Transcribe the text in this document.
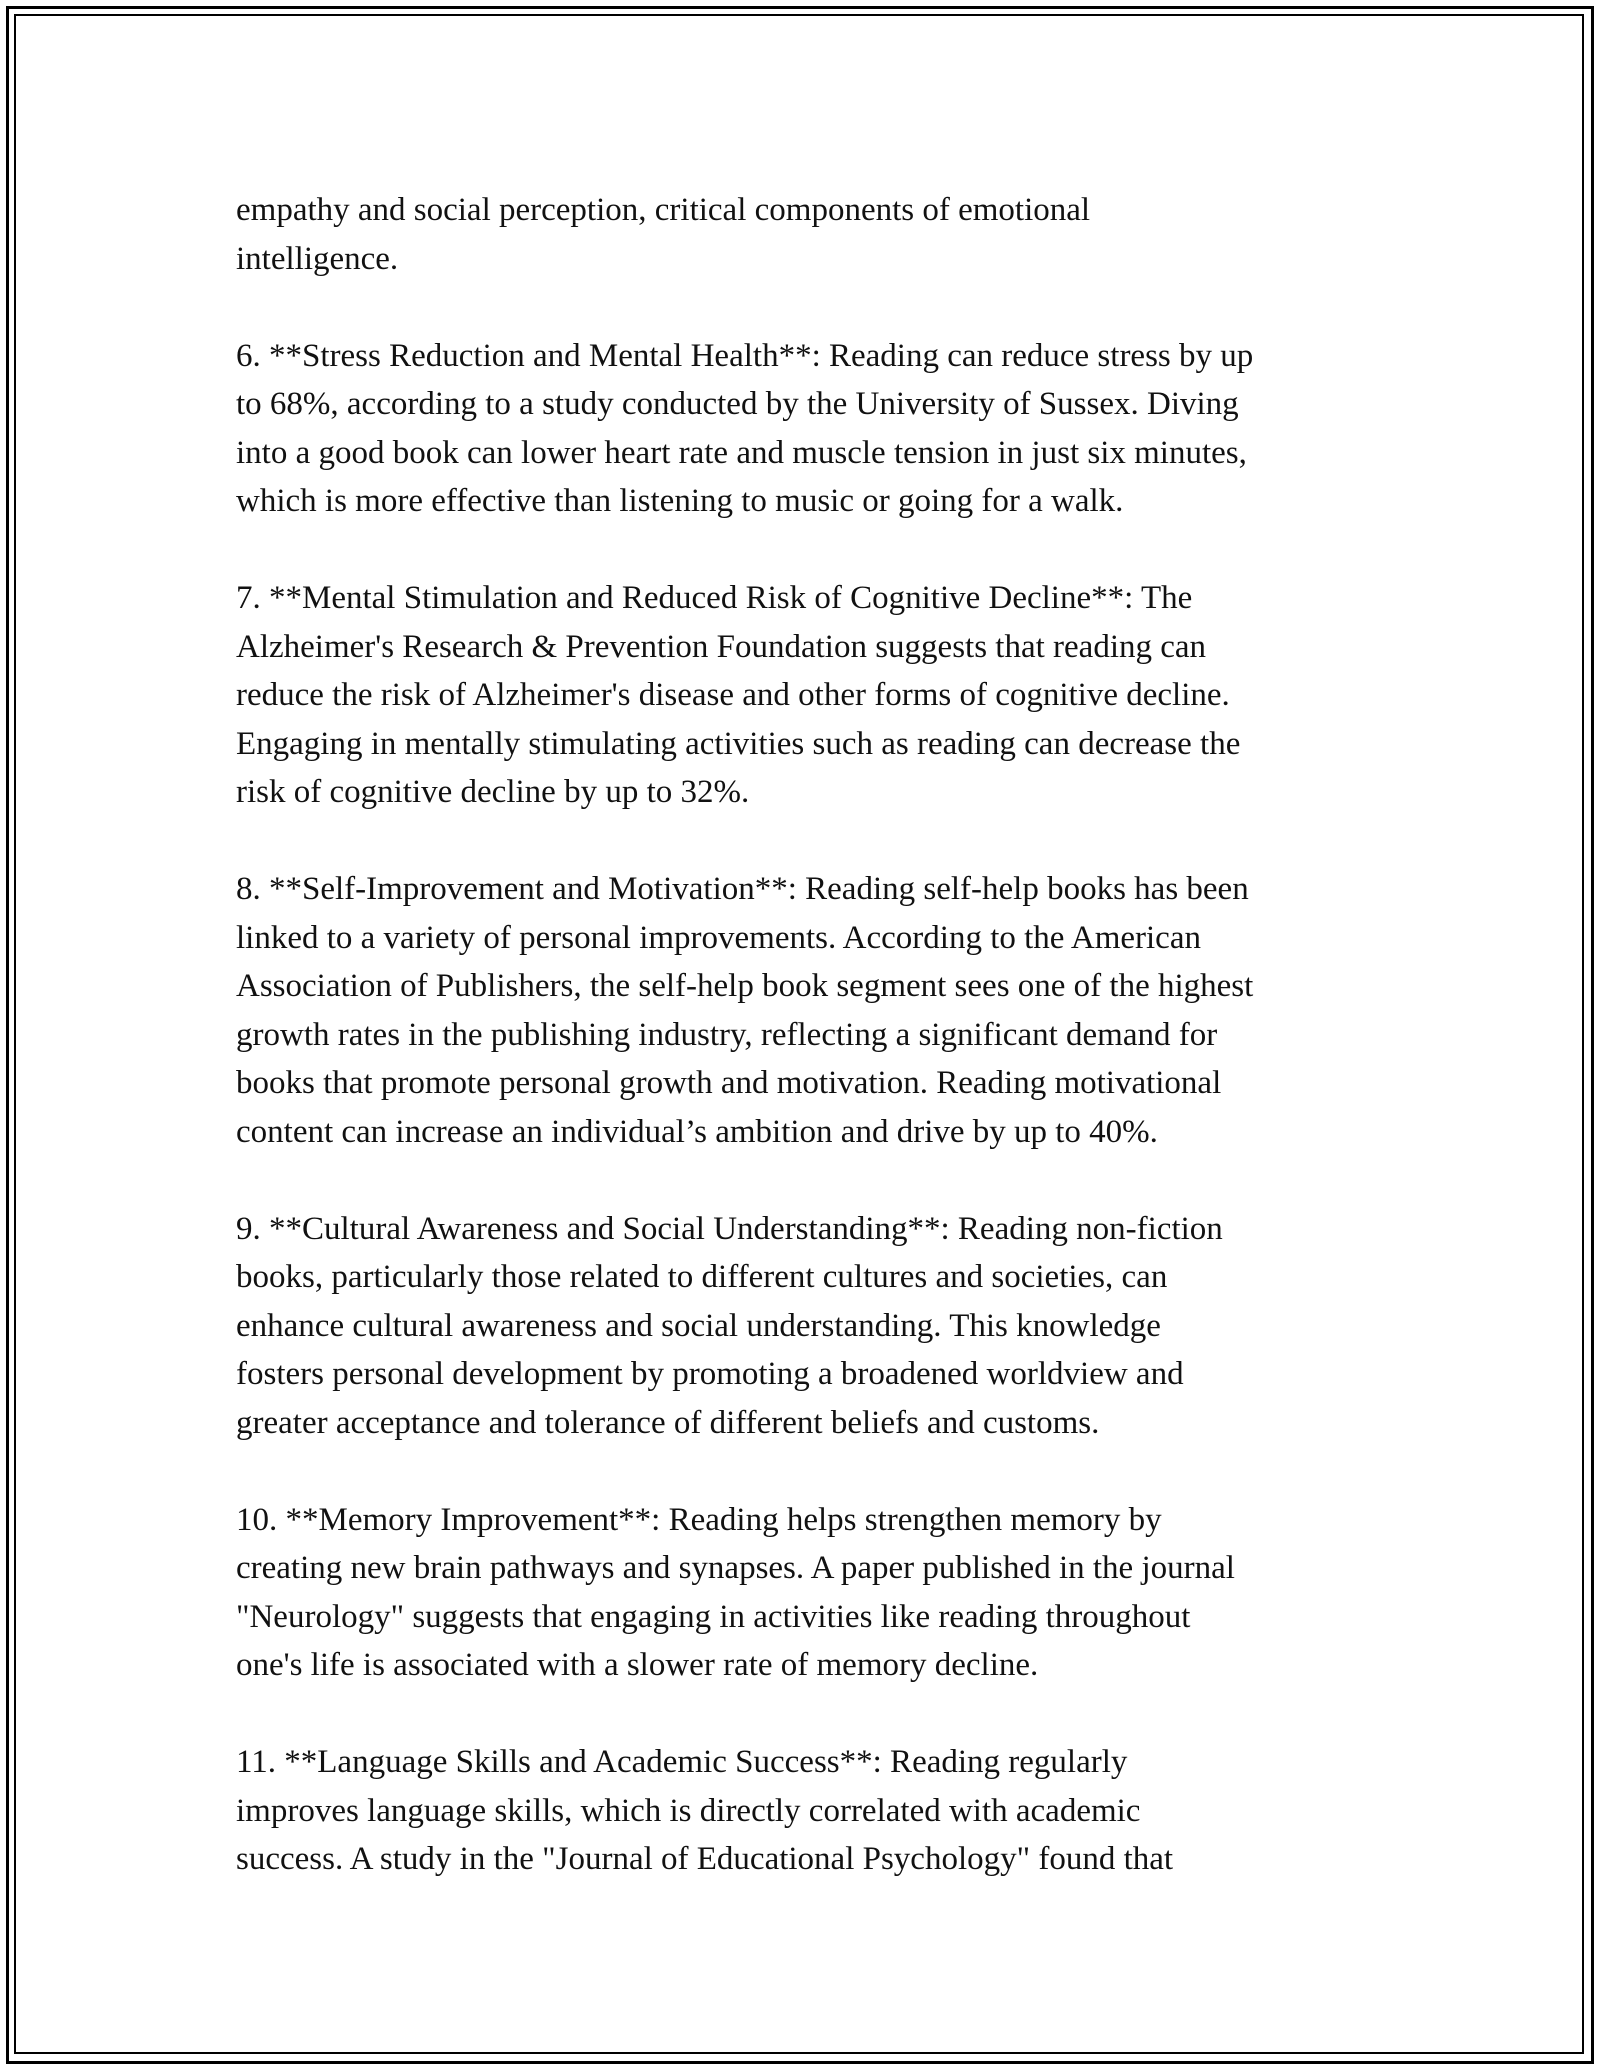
empathy and social perception, critical components of emotional
intelligence.

6. **Stress Reduction and Mental Health**: Reading can reduce stress by up
to 68%, according to a study conducted by the University of Sussex. Diving
into a good book can lower heart rate and muscle tension in just six minutes,
which is more effective than listening to music or going for a walk.

7. **Mental Stimulation and Reduced Risk of Cognitive Decline**: The
Alzheimer's Research & Prevention Foundation suggests that reading can
reduce the risk of Alzheimer's disease and other forms of cognitive decline.
Engaging in mentally stimulating activities such as reading can decrease the
risk of cognitive decline by up to 32%.

8. **Self-Improvement and Motivation**: Reading self-help books has been
linked to a variety of personal improvements. According to the American
Association of Publishers, the self-help book segment sees one of the highest
growth rates in the publishing industry, reflecting a significant demand for
books that promote personal growth and motivation. Reading motivational
content can increase an individual’s ambition and drive by up to 40%.

9. **Cultural Awareness and Social Understanding**: Reading non-fiction
books, particularly those related to different cultures and societies, can
enhance cultural awareness and social understanding. This knowledge
fosters personal development by promoting a broadened worldview and
greater acceptance and tolerance of different beliefs and customs.

10. **Memory Improvement**: Reading helps strengthen memory by
creating new brain pathways and synapses. A paper published in the journal
"Neurology" suggests that engaging in activities like reading throughout
one's life is associated with a slower rate of memory decline.

11. **Language Skills and Academic Success**: Reading regularly
improves language skills, which is directly correlated with academic
success. A study in the "Journal of Educational Psychology" found that
